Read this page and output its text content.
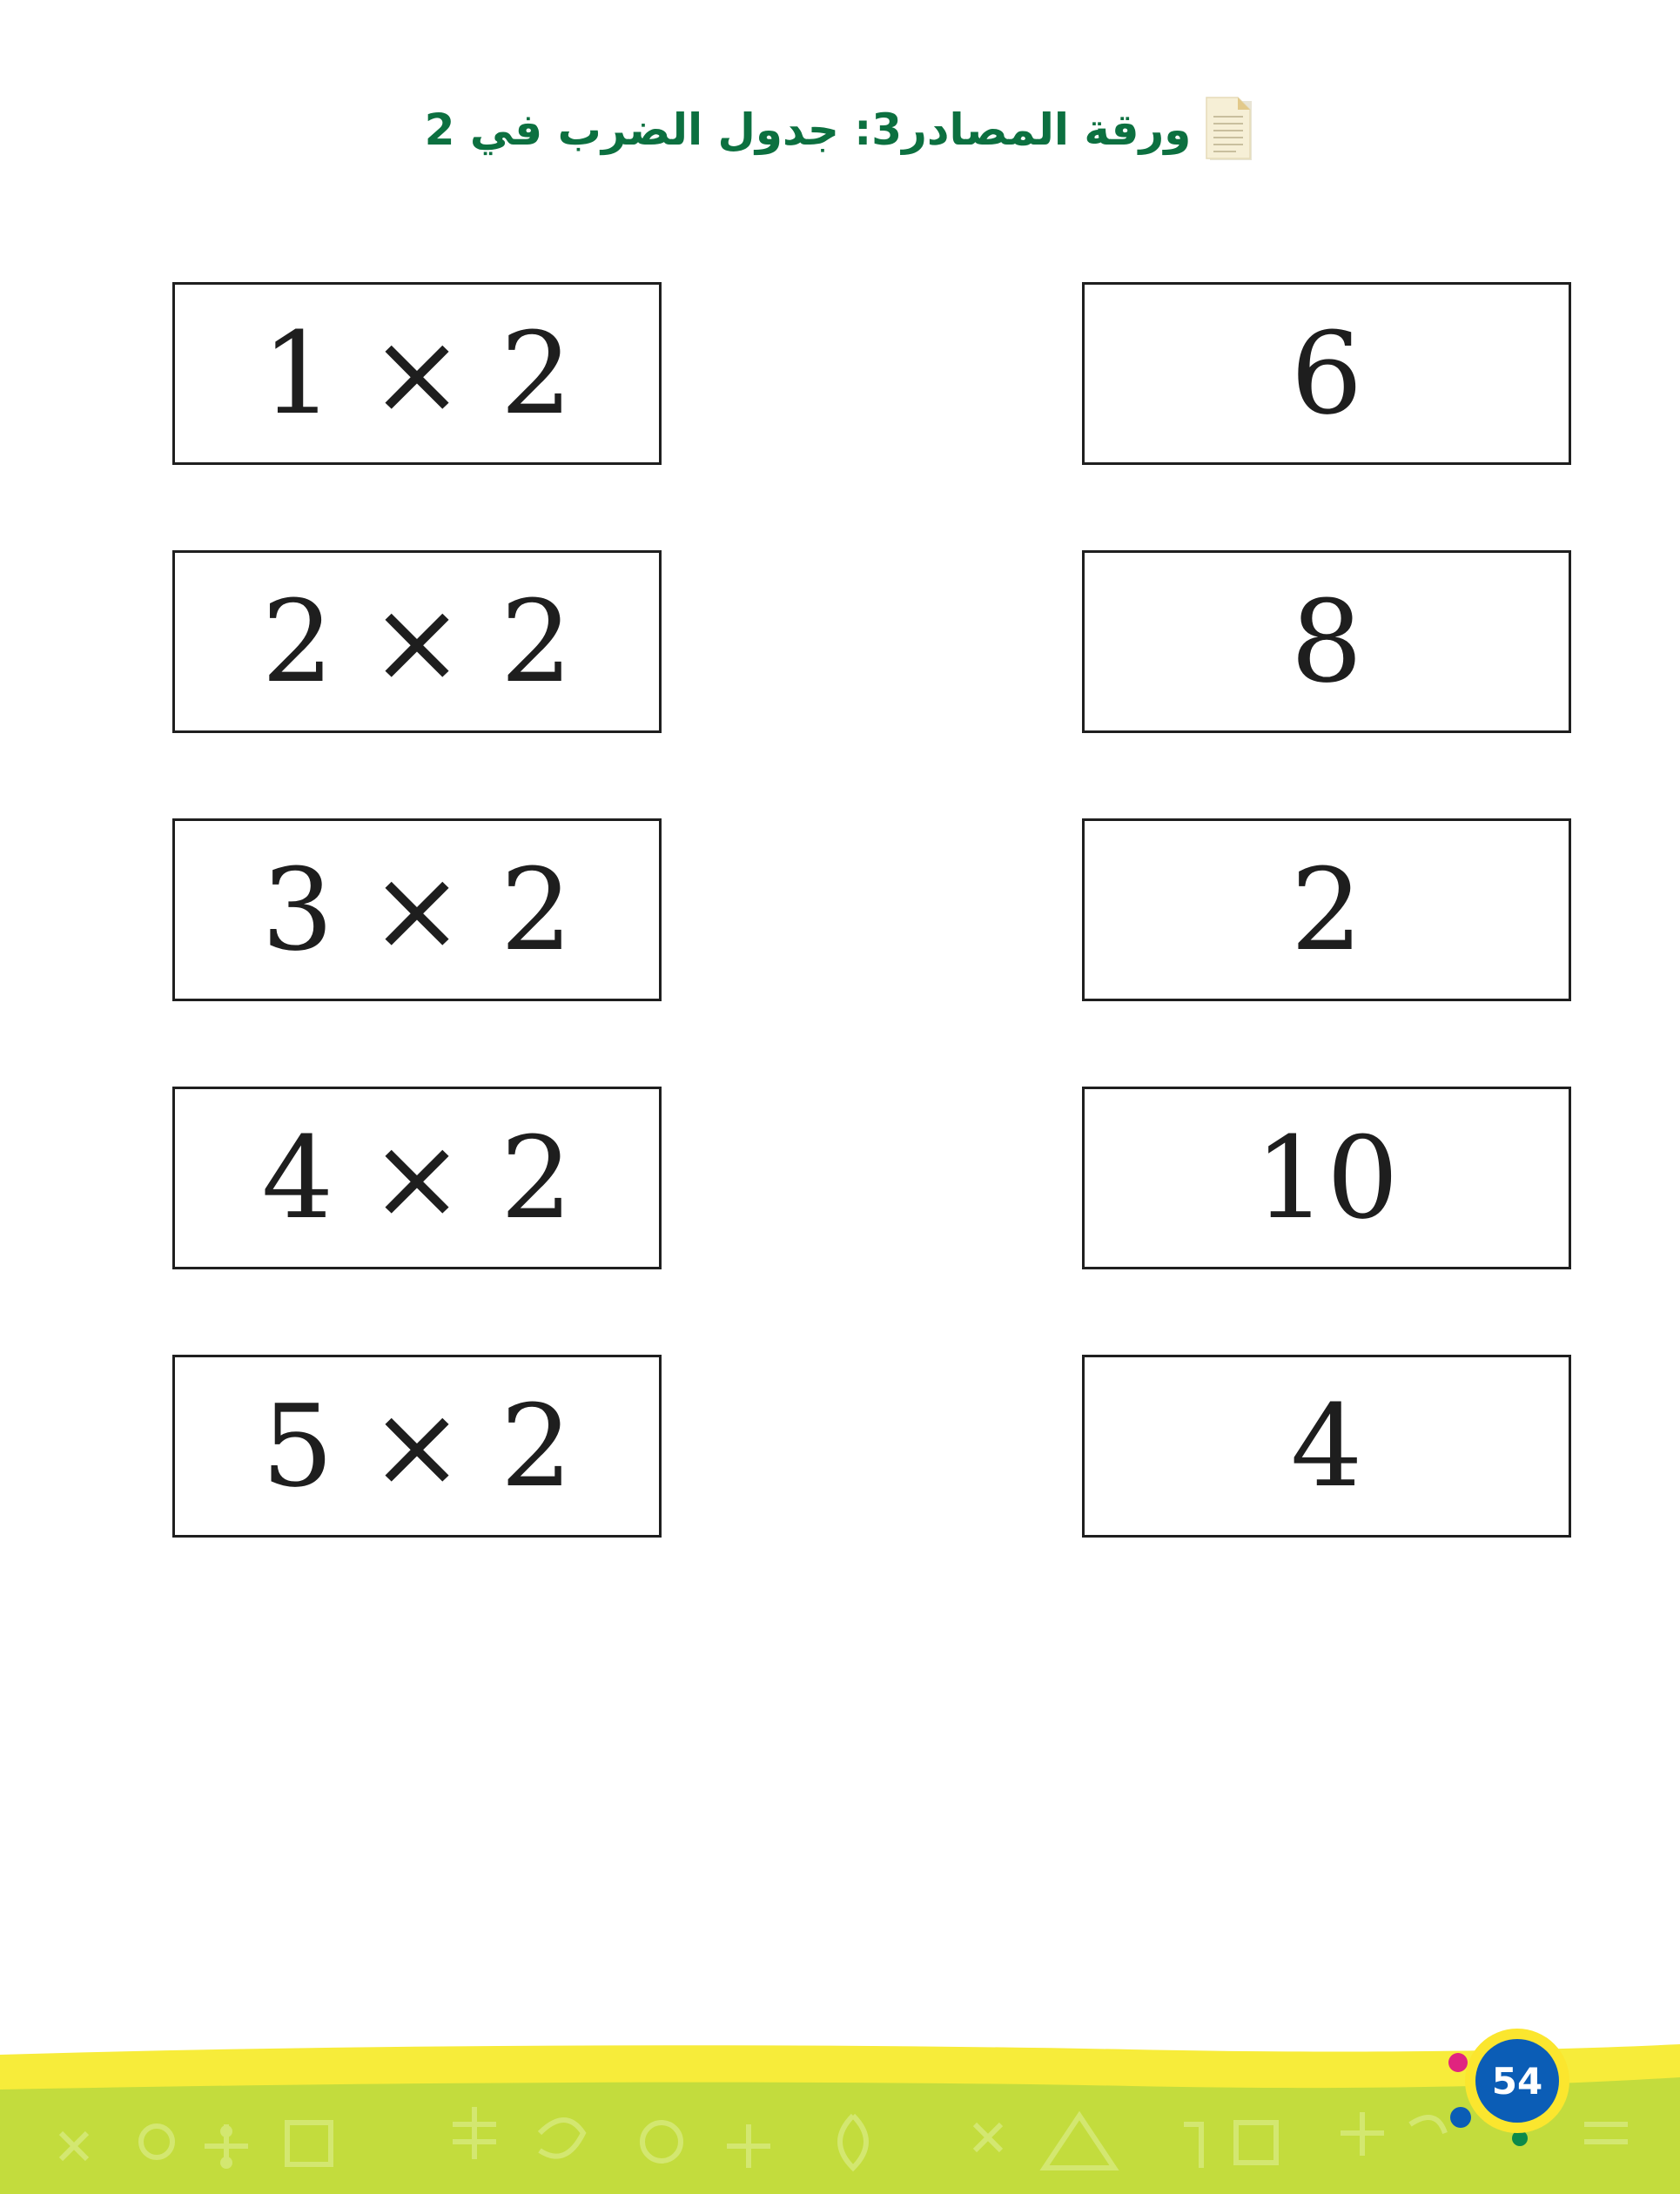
ورقة المصادر3: جدول الضرب في 2
1 × 2
2 × 2
3 × 2
4 × 2
5 × 2
6
8
2
10
4
54
